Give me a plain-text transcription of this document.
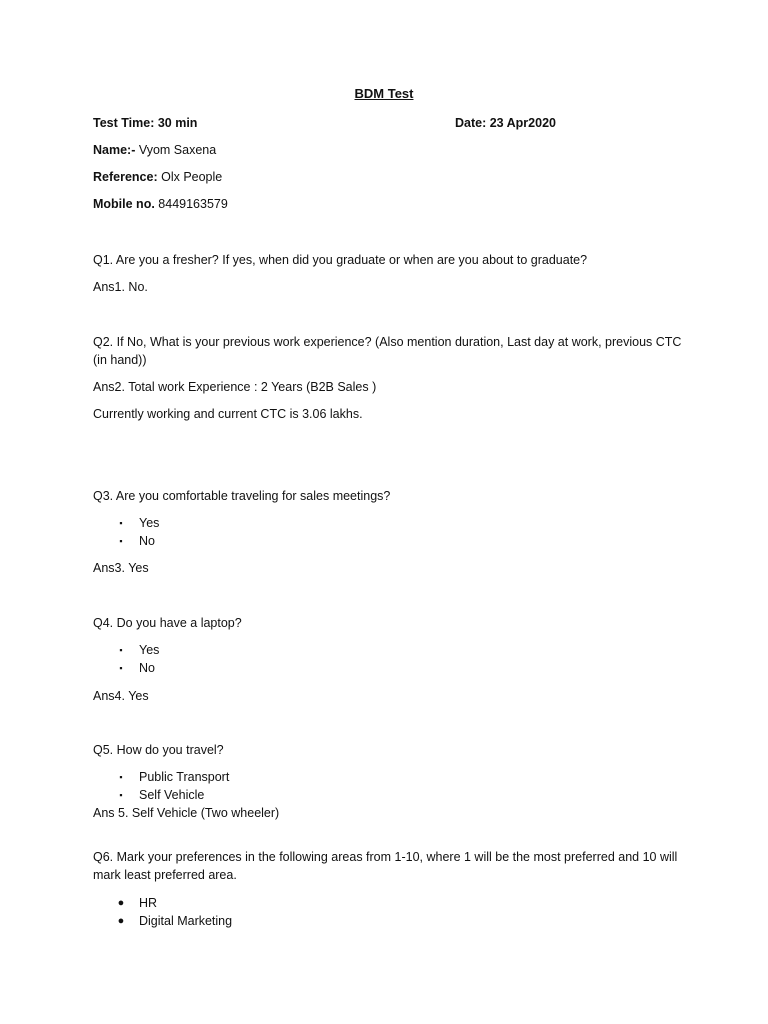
BDM Test
Test Time: 30 min	Date: 23 Apr2020
Name:- Vyom Saxena
Reference: Olx People
Mobile no. 8449163579
Q1. Are you a fresher? If yes, when did you graduate or when are you about to graduate?
Ans1. No.
Q2. If No, What is your previous work experience? (Also mention duration, Last day at work, previous CTC (in hand))
Ans2. Total work Experience : 2 Years (B2B Sales )
Currently working and current CTC is 3.06 lakhs.
Q3. Are you comfortable traveling for sales meetings?
▪ Yes
▪ No
Ans3. Yes
Q4. Do you have a laptop?
▪ Yes
▪ No
Ans4. Yes
Q5. How do you travel?
▪ Public Transport
▪ Self Vehicle
Ans 5. Self Vehicle (Two wheeler)
Q6. Mark your preferences in the following areas from 1-10, where 1 will be the most preferred and 10 will mark least preferred area.
● HR
● Digital Marketing
